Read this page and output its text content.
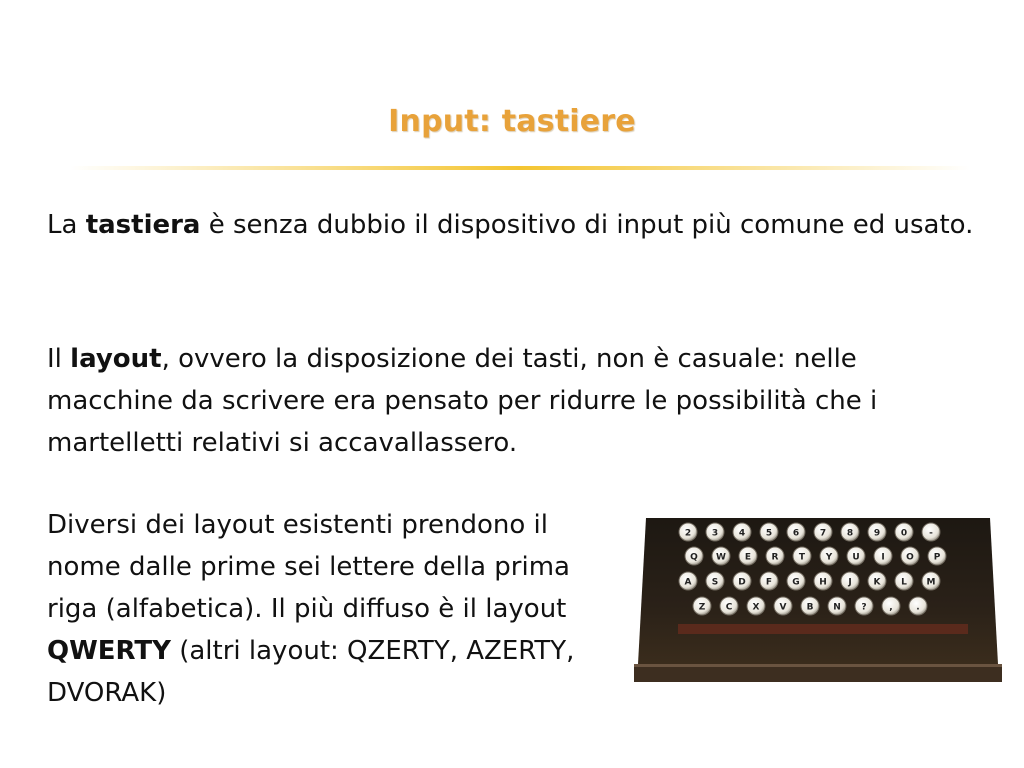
Input: tastiere

La tastiera è senza dubbio il dispositivo di input più comune ed usato.

Il layout, ovvero la disposizione dei tasti, non è casuale: nelle macchine da scrivere era pensato per ridurre le possibilità che i martelletti relativi si accavallassero.

Diversi dei layout esistenti prendono il nome dalle prime sei lettere della prima riga (alfabetica). Il più diffuso è il layout QWERTY (altri layout: QZERTY, AZERTY, DVORAK)

2 3 4 5 6 7 8 9 0 -
Q W E R T Y U I O P
A S D F G H J K L M
Z C X V B N ?	,	.
